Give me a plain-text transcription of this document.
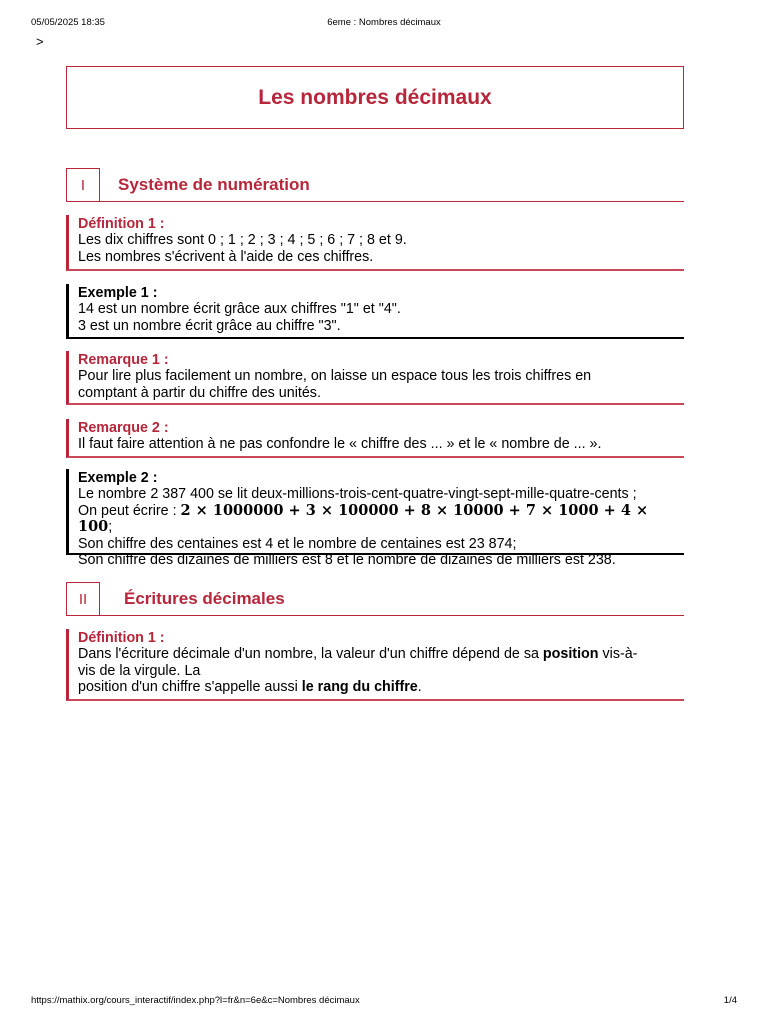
05/05/2025 18:35	6eme : Nombres décimaux
>
Les nombres décimaux
I	Système de numération
Définition 1 :
Les dix chiffres sont 0 ; 1 ; 2 ; 3 ; 4 ; 5 ; 6 ; 7 ; 8 et 9.
Les nombres s'écrivent à l'aide de ces chiffres.
Exemple 1 :
14 est un nombre écrit grâce aux chiffres "1" et "4".
3 est un nombre écrit grâce au chiffre "3".
Remarque 1 :
Pour lire plus facilement un nombre, on laisse un espace tous les trois chiffres en
comptant à partir du chiffre des unités.
Remarque 2 :
Il faut faire attention à ne pas confondre le « chiffre des ... » et le « nombre de ... ».
Exemple 2 :
Le nombre 2 387 400 se lit deux-millions-trois-cent-quatre-vingt-sept-mille-quatre-cents ;
On peut écrire : 2 × 1000000 + 3 × 100000 + 8 × 10000 + 7 × 1000 + 4 × 100;
Son chiffre des centaines est 4 et le nombre de centaines est 23 874;
Son chiffre des dizaines de milliers est 8 et le nombre de dizaines de milliers est 238.
II	Écritures décimales
Définition 1 :
Dans l'écriture décimale d'un nombre, la valeur d'un chiffre dépend de sa position vis-à-
vis de la virgule. La
position d'un chiffre s'appelle aussi le rang du chiffre.
https://mathix.org/cours_interactif/index.php?l=fr&n=6e&c=Nombres décimaux	1/4
